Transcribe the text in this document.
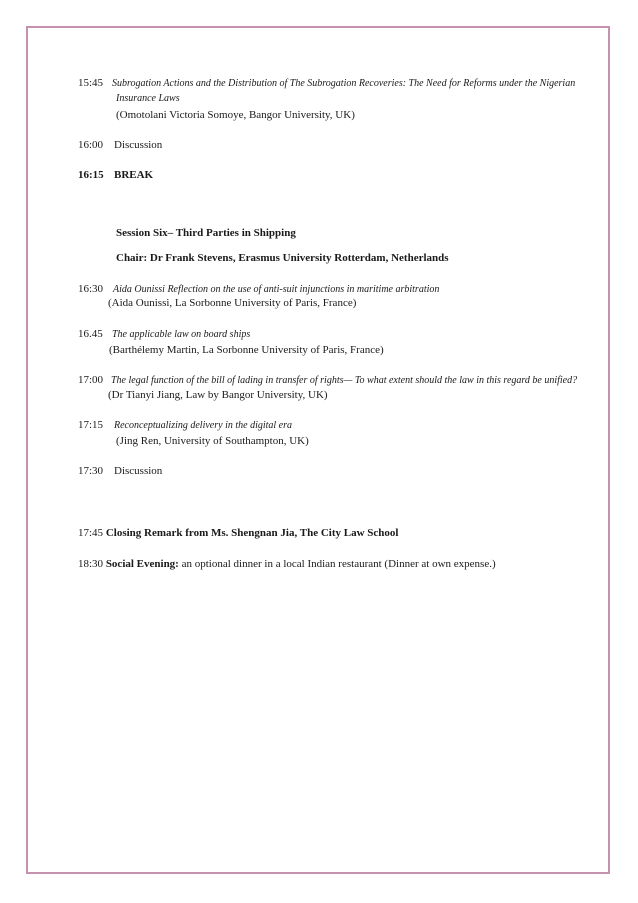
15:45 Subrogation Actions and the Distribution of The Subrogation Recoveries: The Need for Reforms under the Nigerian
Insurance Laws
(Omotolani Victoria Somoye, Bangor University, UK)
16:00 Discussion
16:15 BREAK
Session Six– Third Parties in Shipping
Chair: Dr Frank Stevens, Erasmus University Rotterdam, Netherlands
16:30 Aida Ounissi Reflection on the use of anti-suit injunctions in maritime arbitration
(Aida Ounissi, La Sorbonne University of Paris, France)
16.45 The applicable law on board ships
(Barthélemy Martin, La Sorbonne University of Paris, France)
17:00 The legal function of the bill of lading in transfer of rights— To what extent should the law in this regard be unified?
(Dr Tianyi Jiang, Law by Bangor University, UK)
17:15 Reconceptualizing delivery in the digital era
(Jing Ren, University of Southampton, UK)
17:30 Discussion
17:45 Closing Remark from Ms. Shengnan Jia, The City Law School
18:30 Social Evening: an optional dinner in a local Indian restaurant (Dinner at own expense.)
